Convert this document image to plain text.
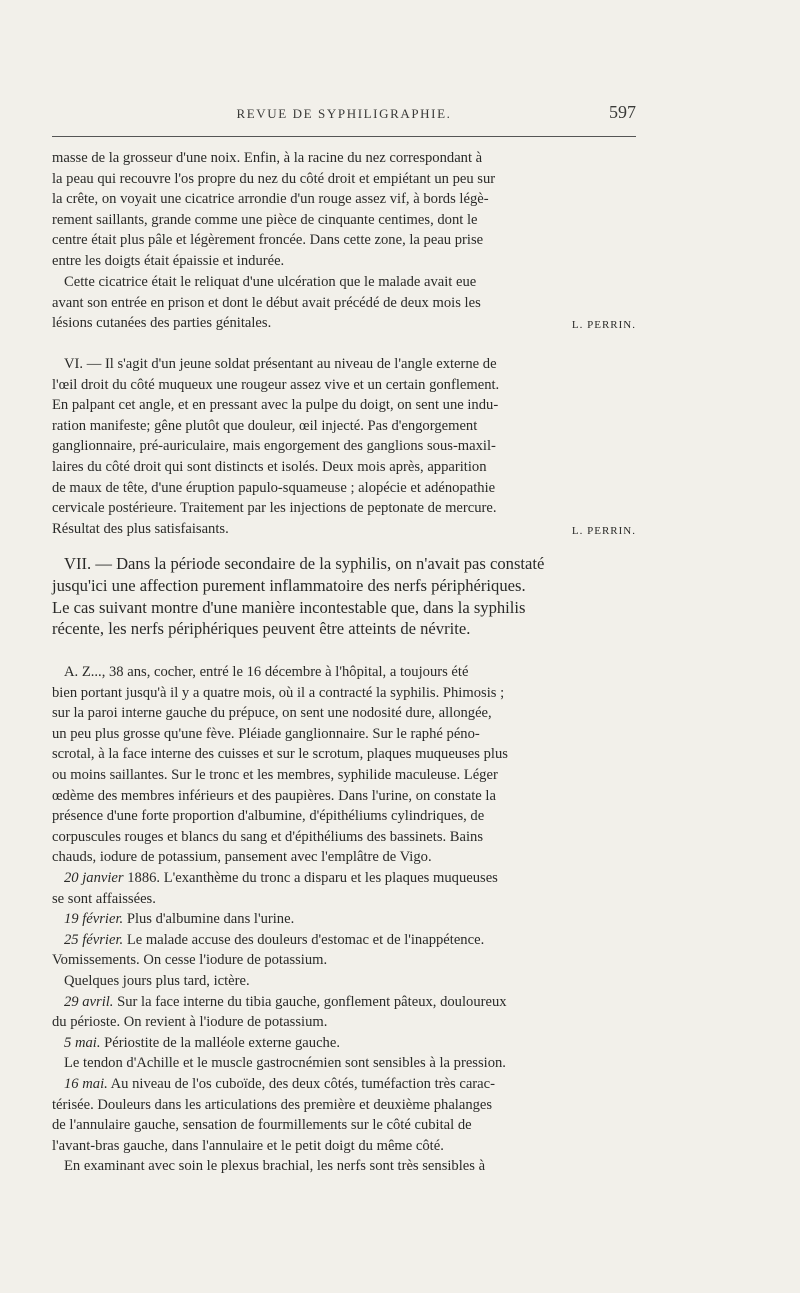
REVUE DE SYPHILIGRAPHIE.	597
masse de la grosseur d'une noix. Enfin, à la racine du nez correspondant à
la peau qui recouvre l'os propre du nez du côté droit et empiétant un peu sur
la crête, on voyait une cicatrice arrondie d'un rouge assez vif, à bords légè-
rement saillants, grande comme une pièce de cinquante centimes, dont le
centre était plus pâle et légèrement froncée. Dans cette zone, la peau prise
entre les doigts était épaissie et indurée.
Cette cicatrice était le reliquat d'une ulcération que le malade avait eue
avant son entrée en prison et dont le début avait précédé de deux mois les
lésions cutanées des parties génitales.	L. PERRIN.
VI. — Il s'agit d'un jeune soldat présentant au niveau de l'angle externe de
l'œil droit du côté muqueux une rougeur assez vive et un certain gonflement.
En palpant cet angle, et en pressant avec la pulpe du doigt, on sent une indu-
ration manifeste; gêne plutôt que douleur, œil injecté. Pas d'engorgement
ganglionnaire, pré-auriculaire, mais engorgement des ganglions sous-maxil-
laires du côté droit qui sont distincts et isolés. Deux mois après, apparition
de maux de tête, d'une éruption papulo-squameuse ; alopécie et adénopathie
cervicale postérieure. Traitement par les injections de peptonate de mercure.
Résultat des plus satisfaisants.	L. PERRIN.
VII. — Dans la période secondaire de la syphilis, on n'avait pas constaté
jusqu'ici une affection purement inflammatoire des nerfs périphériques.
Le cas suivant montre d'une manière incontestable que, dans la syphilis
récente, les nerfs périphériques peuvent être atteints de névrite.
A. Z..., 38 ans, cocher, entré le 16 décembre à l'hôpital, a toujours été
bien portant jusqu'à il y a quatre mois, où il a contracté la syphilis. Phimosis ;
sur la paroi interne gauche du prépuce, on sent une nodosité dure, allongée,
un peu plus grosse qu'une fève. Pléiade ganglionnaire. Sur le raphé péno-
scrotal, à la face interne des cuisses et sur le scrotum, plaques muqueuses plus
ou moins saillantes. Sur le tronc et les membres, syphilide maculeuse. Léger
œdème des membres inférieurs et des paupières. Dans l'urine, on constate la
présence d'une forte proportion d'albumine, d'épithéliums cylindriques, de
corpuscules rouges et blancs du sang et d'épithéliums des bassinets. Bains
chauds, iodure de potassium, pansement avec l'emplâtre de Vigo.
20 janvier 1886. L'exanthème du tronc a disparu et les plaques muqueuses
se sont affaissées.
19 février. Plus d'albumine dans l'urine.
25 février. Le malade accuse des douleurs d'estomac et de l'inappétence.
Vomissements. On cesse l'iodure de potassium.
Quelques jours plus tard, ictère.
29 avril. Sur la face interne du tibia gauche, gonflement pâteux, douloureux
du périoste. On revient à l'iodure de potassium.
5 mai. Périostite de la malléole externe gauche.
Le tendon d'Achille et le muscle gastrocnémien sont sensibles à la pression.
16 mai. Au niveau de l'os cuboïde, des deux côtés, tuméfaction très carac-
térisée. Douleurs dans les articulations des première et deuxième phalanges
de l'annulaire gauche, sensation de fourmillements sur le côté cubital de
l'avant-bras gauche, dans l'annulaire et le petit doigt du même côté.
En examinant avec soin le plexus brachial, les nerfs sont très sensibles à
